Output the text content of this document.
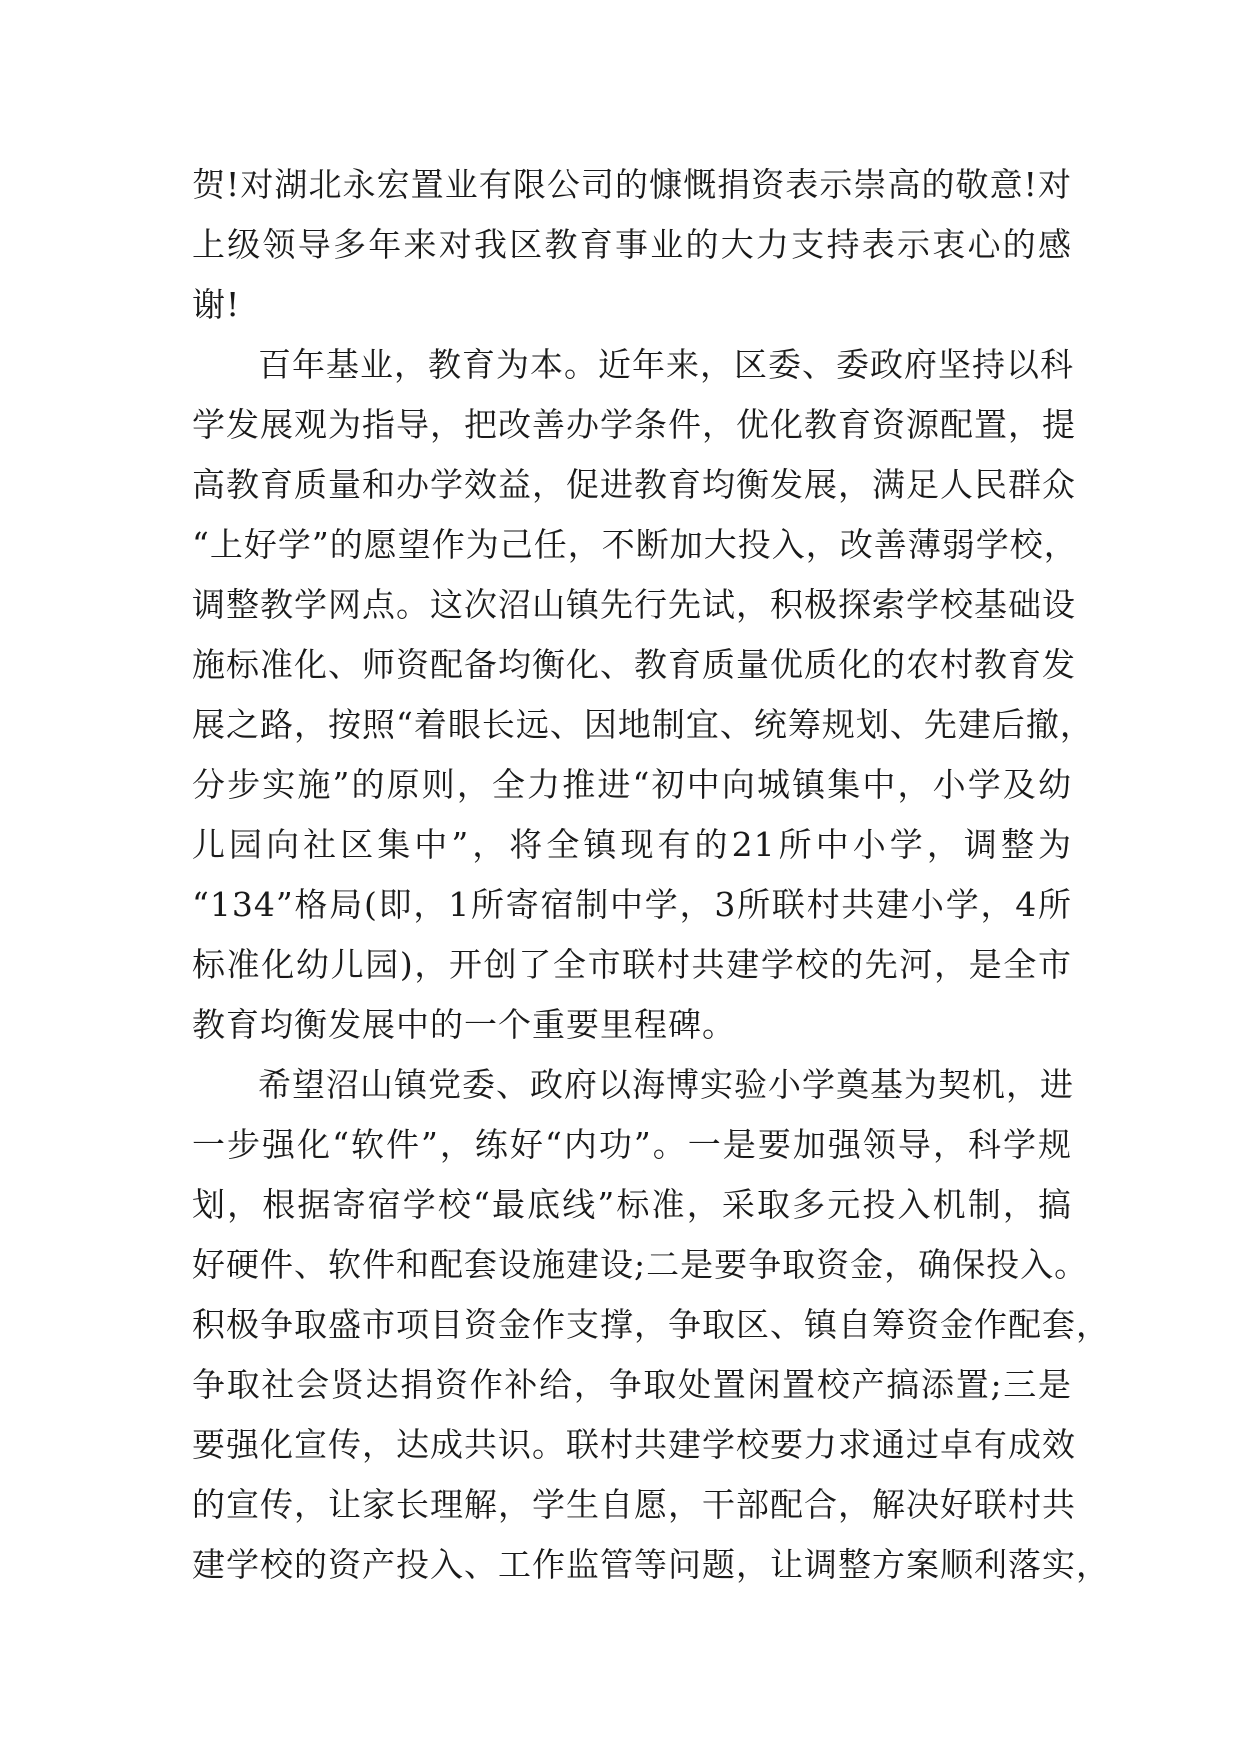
贺!对湖北永宏置业有限公司的慷慨捐资表示崇高的敬意!对
上级领导多年来对我区教育事业的大力支持表示衷心的感
谢!
百年基业，教育为本。近年来，区委、委政府坚持以科
学发展观为指导，把改善办学条件，优化教育资源配置，提
高教育质量和办学效益，促进教育均衡发展，满足人民群众
“上好学”的愿望作为己任，不断加大投入，改善薄弱学校，
调整教学网点。这次沼山镇先行先试，积极探索学校基础设
施标准化、师资配备均衡化、教育质量优质化的农村教育发
展之路，按照“着眼长远、因地制宜、统筹规划、先建后撤，
分步实施”的原则，全力推进“初中向城镇集中，小学及幼
儿园向社区集中”，将全镇现有的21所中小学，调整为
“134”格局(即，1所寄宿制中学，3所联村共建小学，4所
标准化幼儿园)，开创了全市联村共建学校的先河，是全市
教育均衡发展中的一个重要里程碑。
希望沼山镇党委、政府以海博实验小学奠基为契机，进
一步强化“软件”，练好“内功”。一是要加强领导，科学规
划，根据寄宿学校“最底线”标准，采取多元投入机制，搞
好硬件、软件和配套设施建设;二是要争取资金，确保投入。
积极争取盛市项目资金作支撑，争取区、镇自筹资金作配套，
争取社会贤达捐资作补给，争取处置闲置校产搞添置;三是
要强化宣传，达成共识。联村共建学校要力求通过卓有成效
的宣传，让家长理解，学生自愿，干部配合，解决好联村共
建学校的资产投入、工作监管等问题，让调整方案顺利落实，
